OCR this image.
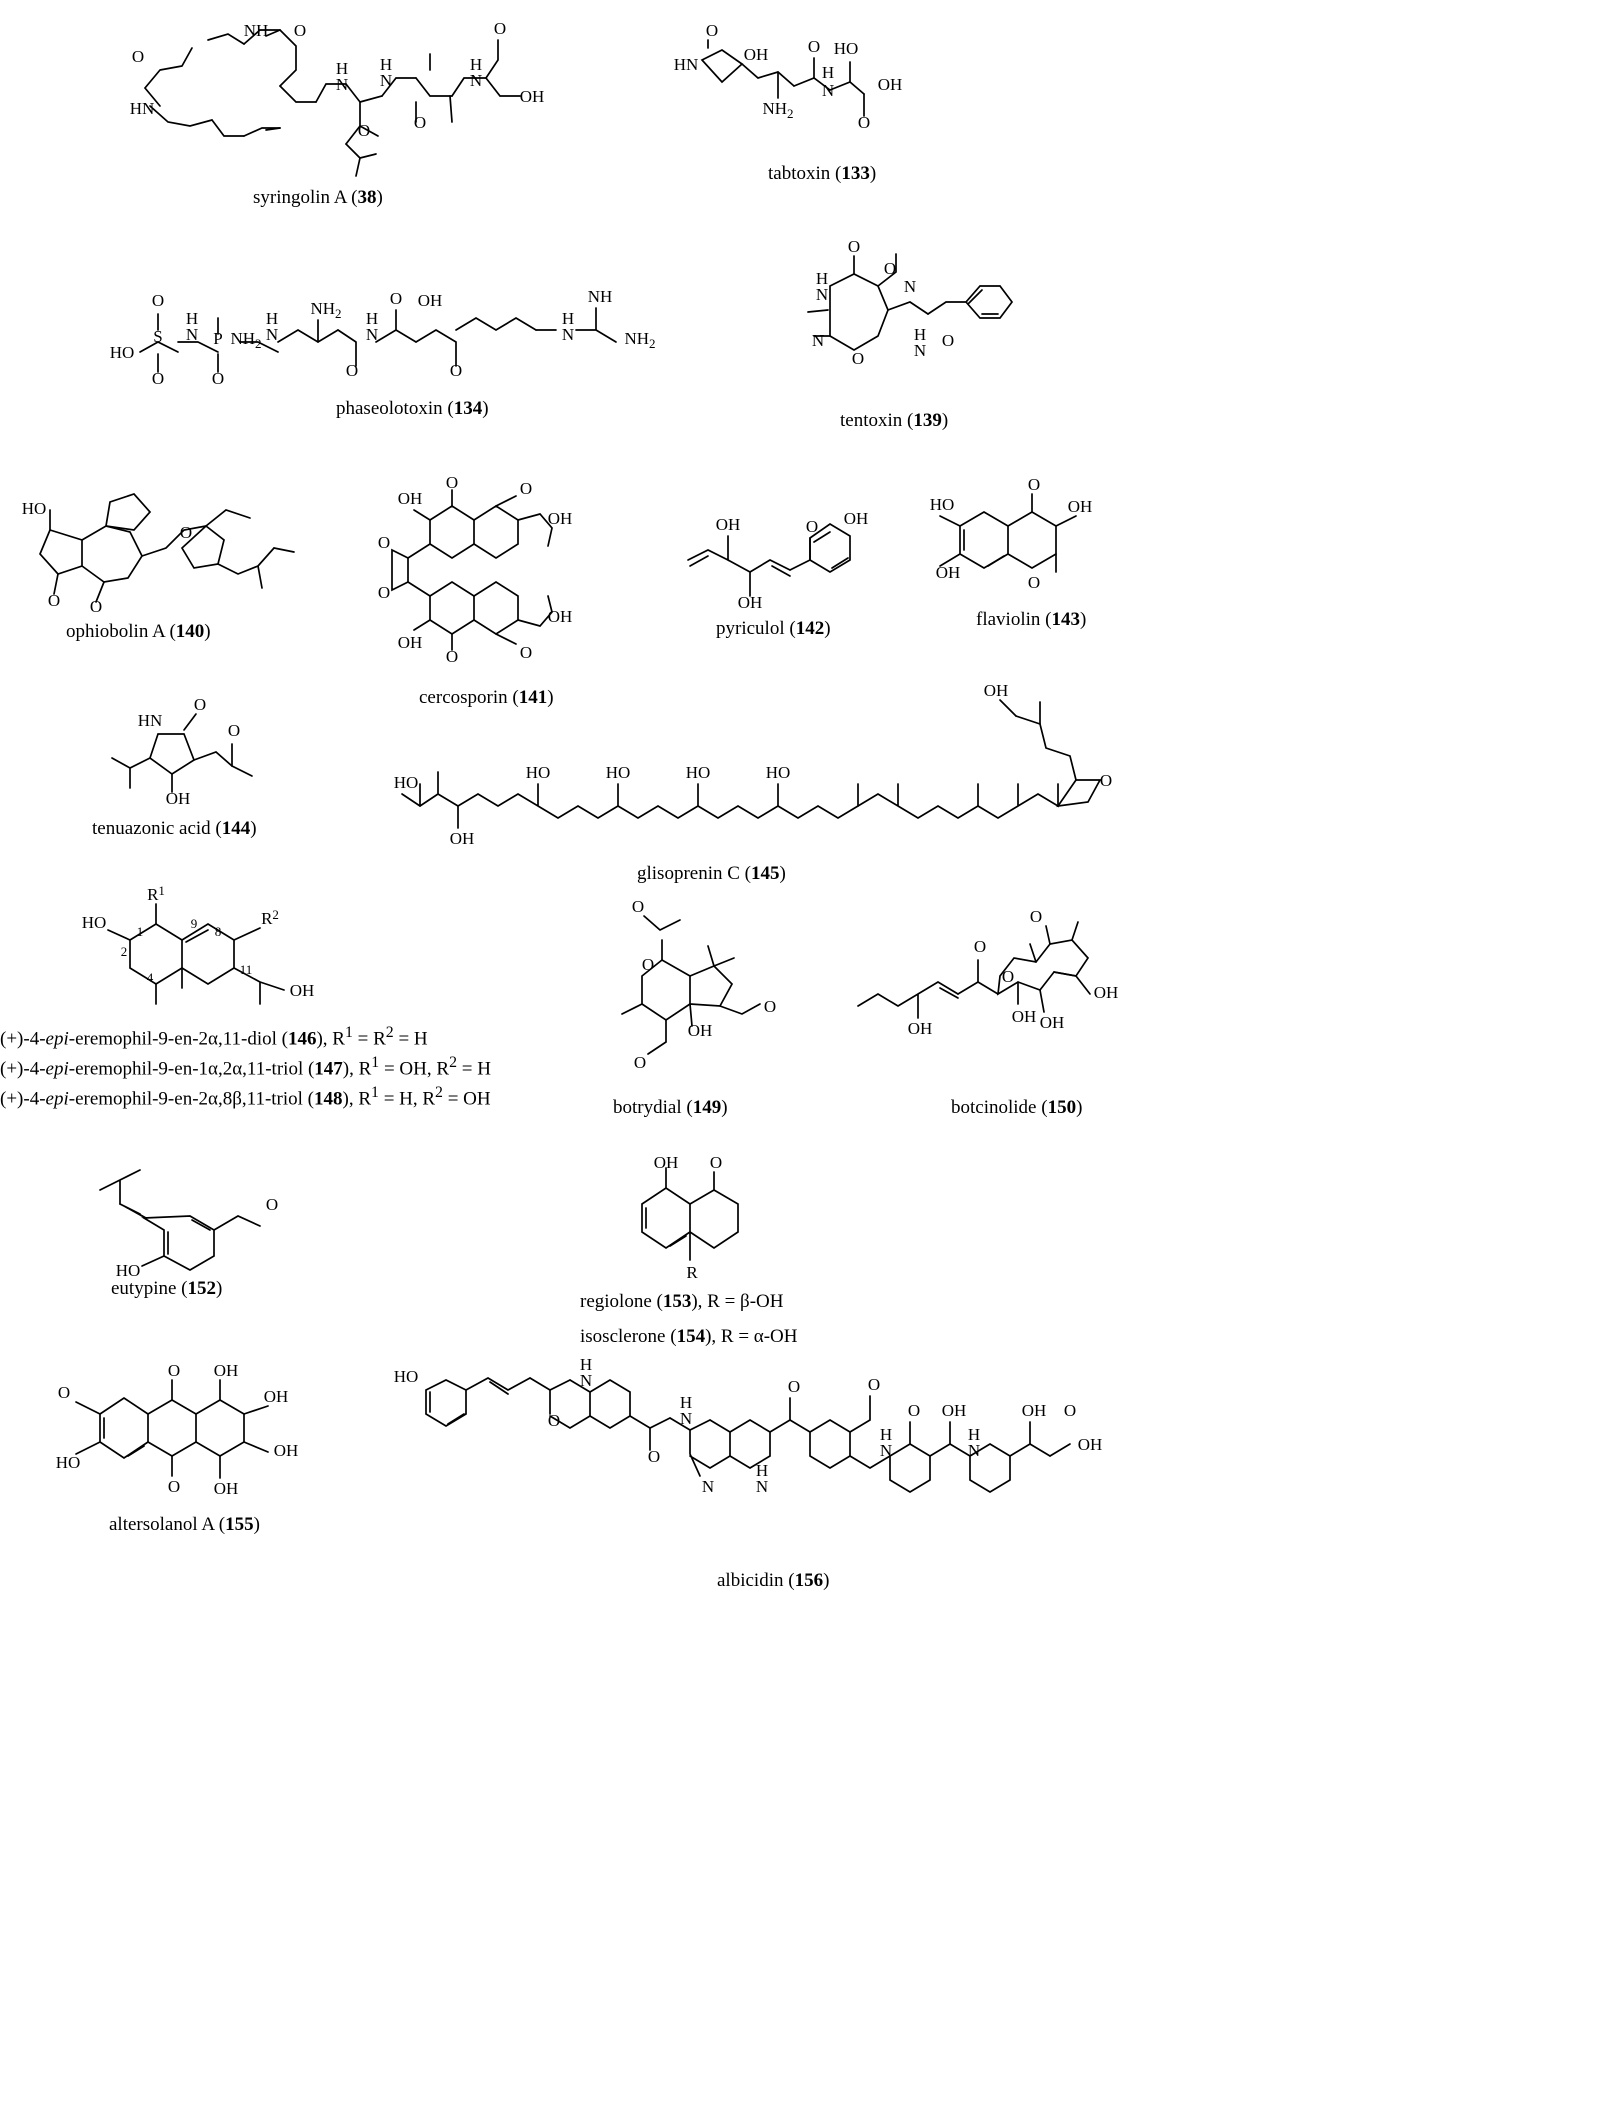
O
HN
NH O
H
N
H
N
O
H
N
O
OH
O
syringolin A (38)
HN
O
OH
$NH_2$
O
H
N
HO
O
OH
tabtoxin (133)
HO
S
O
O
H
N P
O
$NH_2$
H
N
$NH_2$
O
H
N
O
O OH
H
N
NH
$NH_2$
phaseolotoxin (134)
O
O
H
N	N
N
O
H
N
O
tentoxin (139)
HO
O O
O
ophiobolin A (140)
OH
O	O
O
O
OH
OH
O
O
OH
cercosporin (141)
OH
OH
O OH
pyriculol (142)
HO
O
OH
O
OH
flaviolin (143)
HN
O
O
OH
tenuazonic acid (144)
HO
OH
HO	HO	HO	HO	O
OH
glisoprenin C (145)
HO
$R^1$
$R^2$
OH
1
2
4
8
9
11
(+)-4-epi-eremophil-9-en-2α,11-diol (146), $R^1 = R^2 = H$
(+)-4-epi-eremophil-9-en-1α,2α,11-triol (147), $R^1$ = OH, $R^2 = H$
(+)-4-epi-eremophil-9-en-2α,8β,11-triol (148), $R^1 = H$, $R^2$ = OH
O
O
O
OH
O
botrydial (149)
OH
O
O
OH OH
OH
O
botcinolide (150)
O
HO
eutypine (152)
OH O
R
regiolone (153), R = β-OH
isosclerone (154), R = α-OH
O
O OH
OH
OH
OH
O
HO
altersolanol A (155)
HO
O
H
N
O
H
N
N
O
H
N
O
H
N
O OH
H
N
OH
OH
O
albicidin (156)
